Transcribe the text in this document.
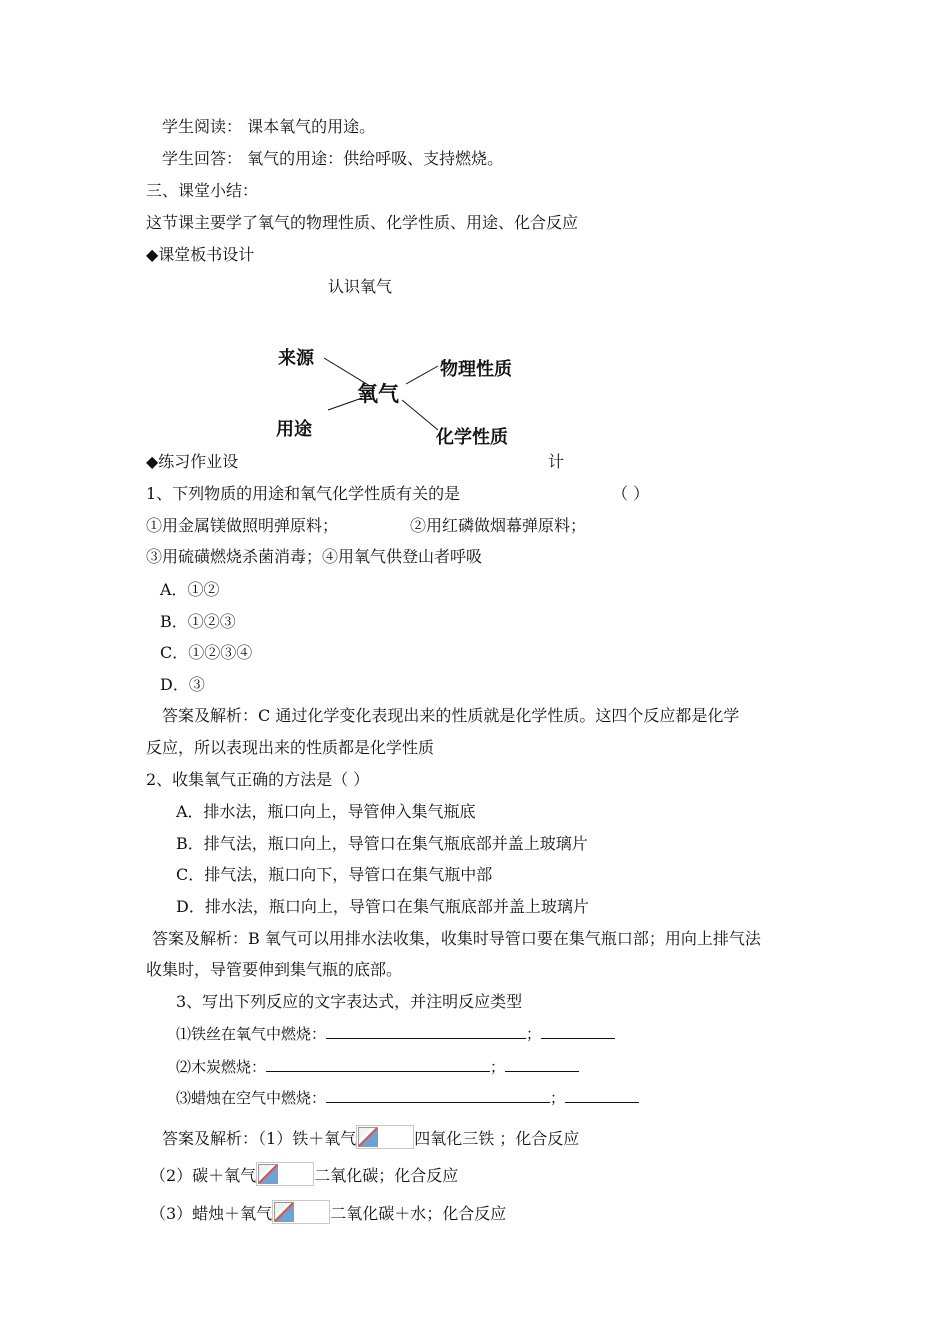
学生阅读： 课本氧气的用途。
学生回答： 氧气的用途：供给呼吸、支持燃烧。
三、课堂小结：
这节课主要学了氧气的物理性质、化学性质、用途、化合反应
◆课堂板书设计
认识氧气
来源
物理性质
氧气
用途	化学性质
◆练习作业设	计
1、下列物质的用途和氧气化学性质有关的是	（ ）
①用金属镁做照明弹原料；	②用红磷做烟幕弹原料；
③用硫磺燃烧杀菌消毒；④用氧气供登山者呼吸
A．①②
B．①②③
C．①②③④
D．③
答案及解析：C 通过化学变化表现出来的性质就是化学性质。这四个反应都是化学
反应，所以表现出来的性质都是化学性质
2、收集氧气正确的方法是（ ）
A．排水法，瓶口向上，导管伸入集气瓶底
B．排气法，瓶口向上，导管口在集气瓶底部并盖上玻璃片
C．排气法，瓶口向下，导管口在集气瓶中部
D．排水法，瓶口向上，导管口在集气瓶底部并盖上玻璃片
答案及解析：B 氧气可以用排水法收集，收集时导管口要在集气瓶口部；用向上排气法
收集时，导管要伸到集气瓶的底部。
3、写出下列反应的文字表达式，并注明反应类型
⑴铁丝在氧气中燃烧：	；
⑵木炭燃烧：	；
⑶蜡烛在空气中燃烧：	；
答案及解析：（1）铁＋氧气	四氧化三铁 ；化合反应
（2）碳＋氧气	二氧化碳；化合反应
（3）蜡烛＋氧气	二氧化碳＋水；化合反应
